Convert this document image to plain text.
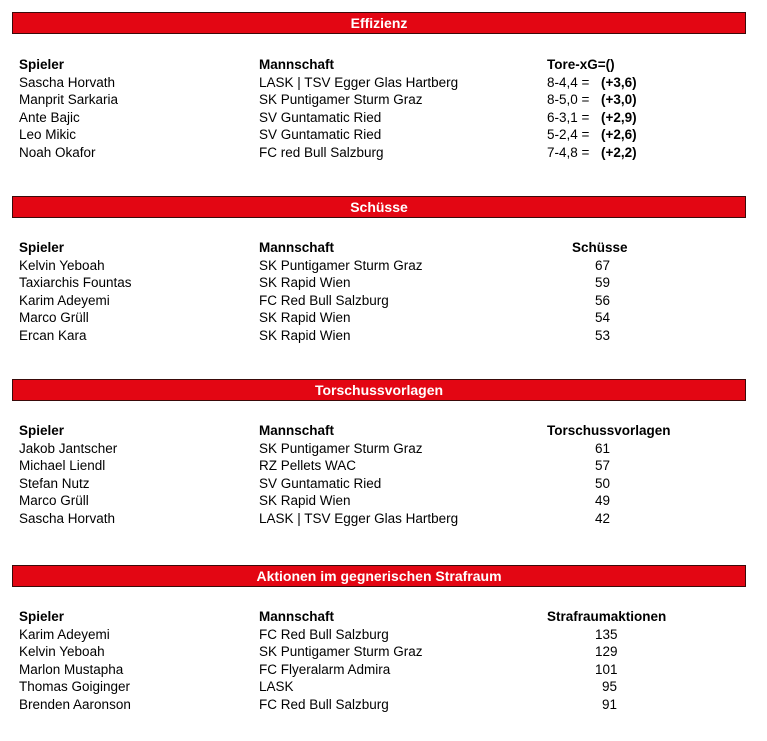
Effizienz
Spieler	Mannschaft	Tore-xG=()
Sascha Horvath	LASK | TSV Egger Glas Hartberg	8-4,4 = (+3,6)
Manprit Sarkaria	SK Puntigamer Sturm Graz	8-5,0 = (+3,0)
Ante Bajic	SV Guntamatic Ried	6-3,1 = (+2,9)
Leo Mikic	SV Guntamatic Ried	5-2,4 = (+2,6)
Noah Okafor	FC red Bull Salzburg	7-4,8 = (+2,2)
Schüsse
Spieler	Mannschaft	Schüsse
Kelvin Yeboah	SK Puntigamer Sturm Graz	67
Taxiarchis Fountas	SK Rapid Wien	59
Karim Adeyemi	FC Red Bull Salzburg	56
Marco Grüll	SK Rapid Wien	54
Ercan Kara	SK Rapid Wien	53
Torschussvorlagen
Spieler	Mannschaft	Torschussvorlagen
Jakob Jantscher	SK Puntigamer Sturm Graz	61
Michael Liendl	RZ Pellets WAC	57
Stefan Nutz	SV Guntamatic Ried	50
Marco Grüll	SK Rapid Wien	49
Sascha Horvath	LASK | TSV Egger Glas Hartberg	42
Aktionen im gegnerischen Strafraum
Spieler	Mannschaft	Strafraumaktionen
Karim Adeyemi	FC Red Bull Salzburg	135
Kelvin Yeboah	SK Puntigamer Sturm Graz	129
Marlon Mustapha	FC Flyeralarm Admira	101
Thomas Goiginger	LASK	95
Brenden Aaronson	FC Red Bull Salzburg	91
